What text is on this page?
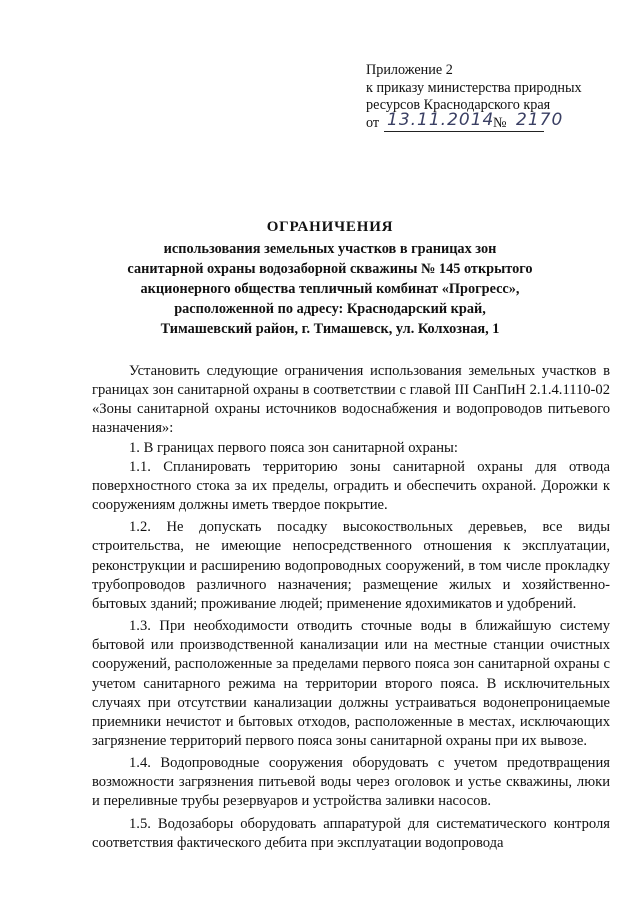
Приложение 2
к приказу министерства природных
ресурсов Краснодарского края
от 13.11.2014
№ 2170
ОГРАНИЧЕНИЯ
использования земельных участков в границах зон
санитарной охраны водозаборной скважины № 145 открытого
акционерного общества тепличный комбинат «Прогресс»,
расположенной по адресу: Краснодарский край,
Тимашевский район, г. Тимашевск, ул. Колхозная, 1

Установить следующие ограничения использования земельных участков в границах зон санитарной охраны в соответствии с главой III СанПиН 2.1.4.1110-02 «Зоны санитарной охраны источников водоснабжения и водопроводов питьевого назначения»:

1. В границах первого пояса зон санитарной охраны:

1.1. Спланировать территорию зоны санитарной охраны для отвода поверхностного стока за их пределы, оградить и обеспечить охраной. Дорожки к сооружениям должны иметь твердое покрытие.

1.2. Не допускать посадку высокоствольных деревьев, все виды строительства, не имеющие непосредственного отношения к эксплуатации, реконструкции и расширению водопроводных сооружений, в том числе прокладку трубопроводов различного назначения; размещение жилых и хозяйственно-бытовых зданий; проживание людей; применение ядохимикатов и удобрений.

1.3. При необходимости отводить сточные воды в ближайшую систему бытовой или производственной канализации или на местные станции очистных сооружений, расположенные за пределами первого пояса зон санитарной охраны с учетом санитарного режима на территории второго пояса. В исключительных случаях при отсутствии канализации должны устраиваться водонепроницаемые приемники нечистот и бытовых отходов, расположенные в местах, исключающих загрязнение территорий первого пояса зоны санитарной охраны при их вывозе.

1.4. Водопроводные сооружения оборудовать с учетом предотвращения возможности загрязнения питьевой воды через оголовок и устье скважины, люки и переливные трубы резервуаров и устройства заливки насосов.

1.5. Водозаборы оборудовать аппаратурой для систематического контроля соответствия фактического дебита при эксплуатации водопровода
